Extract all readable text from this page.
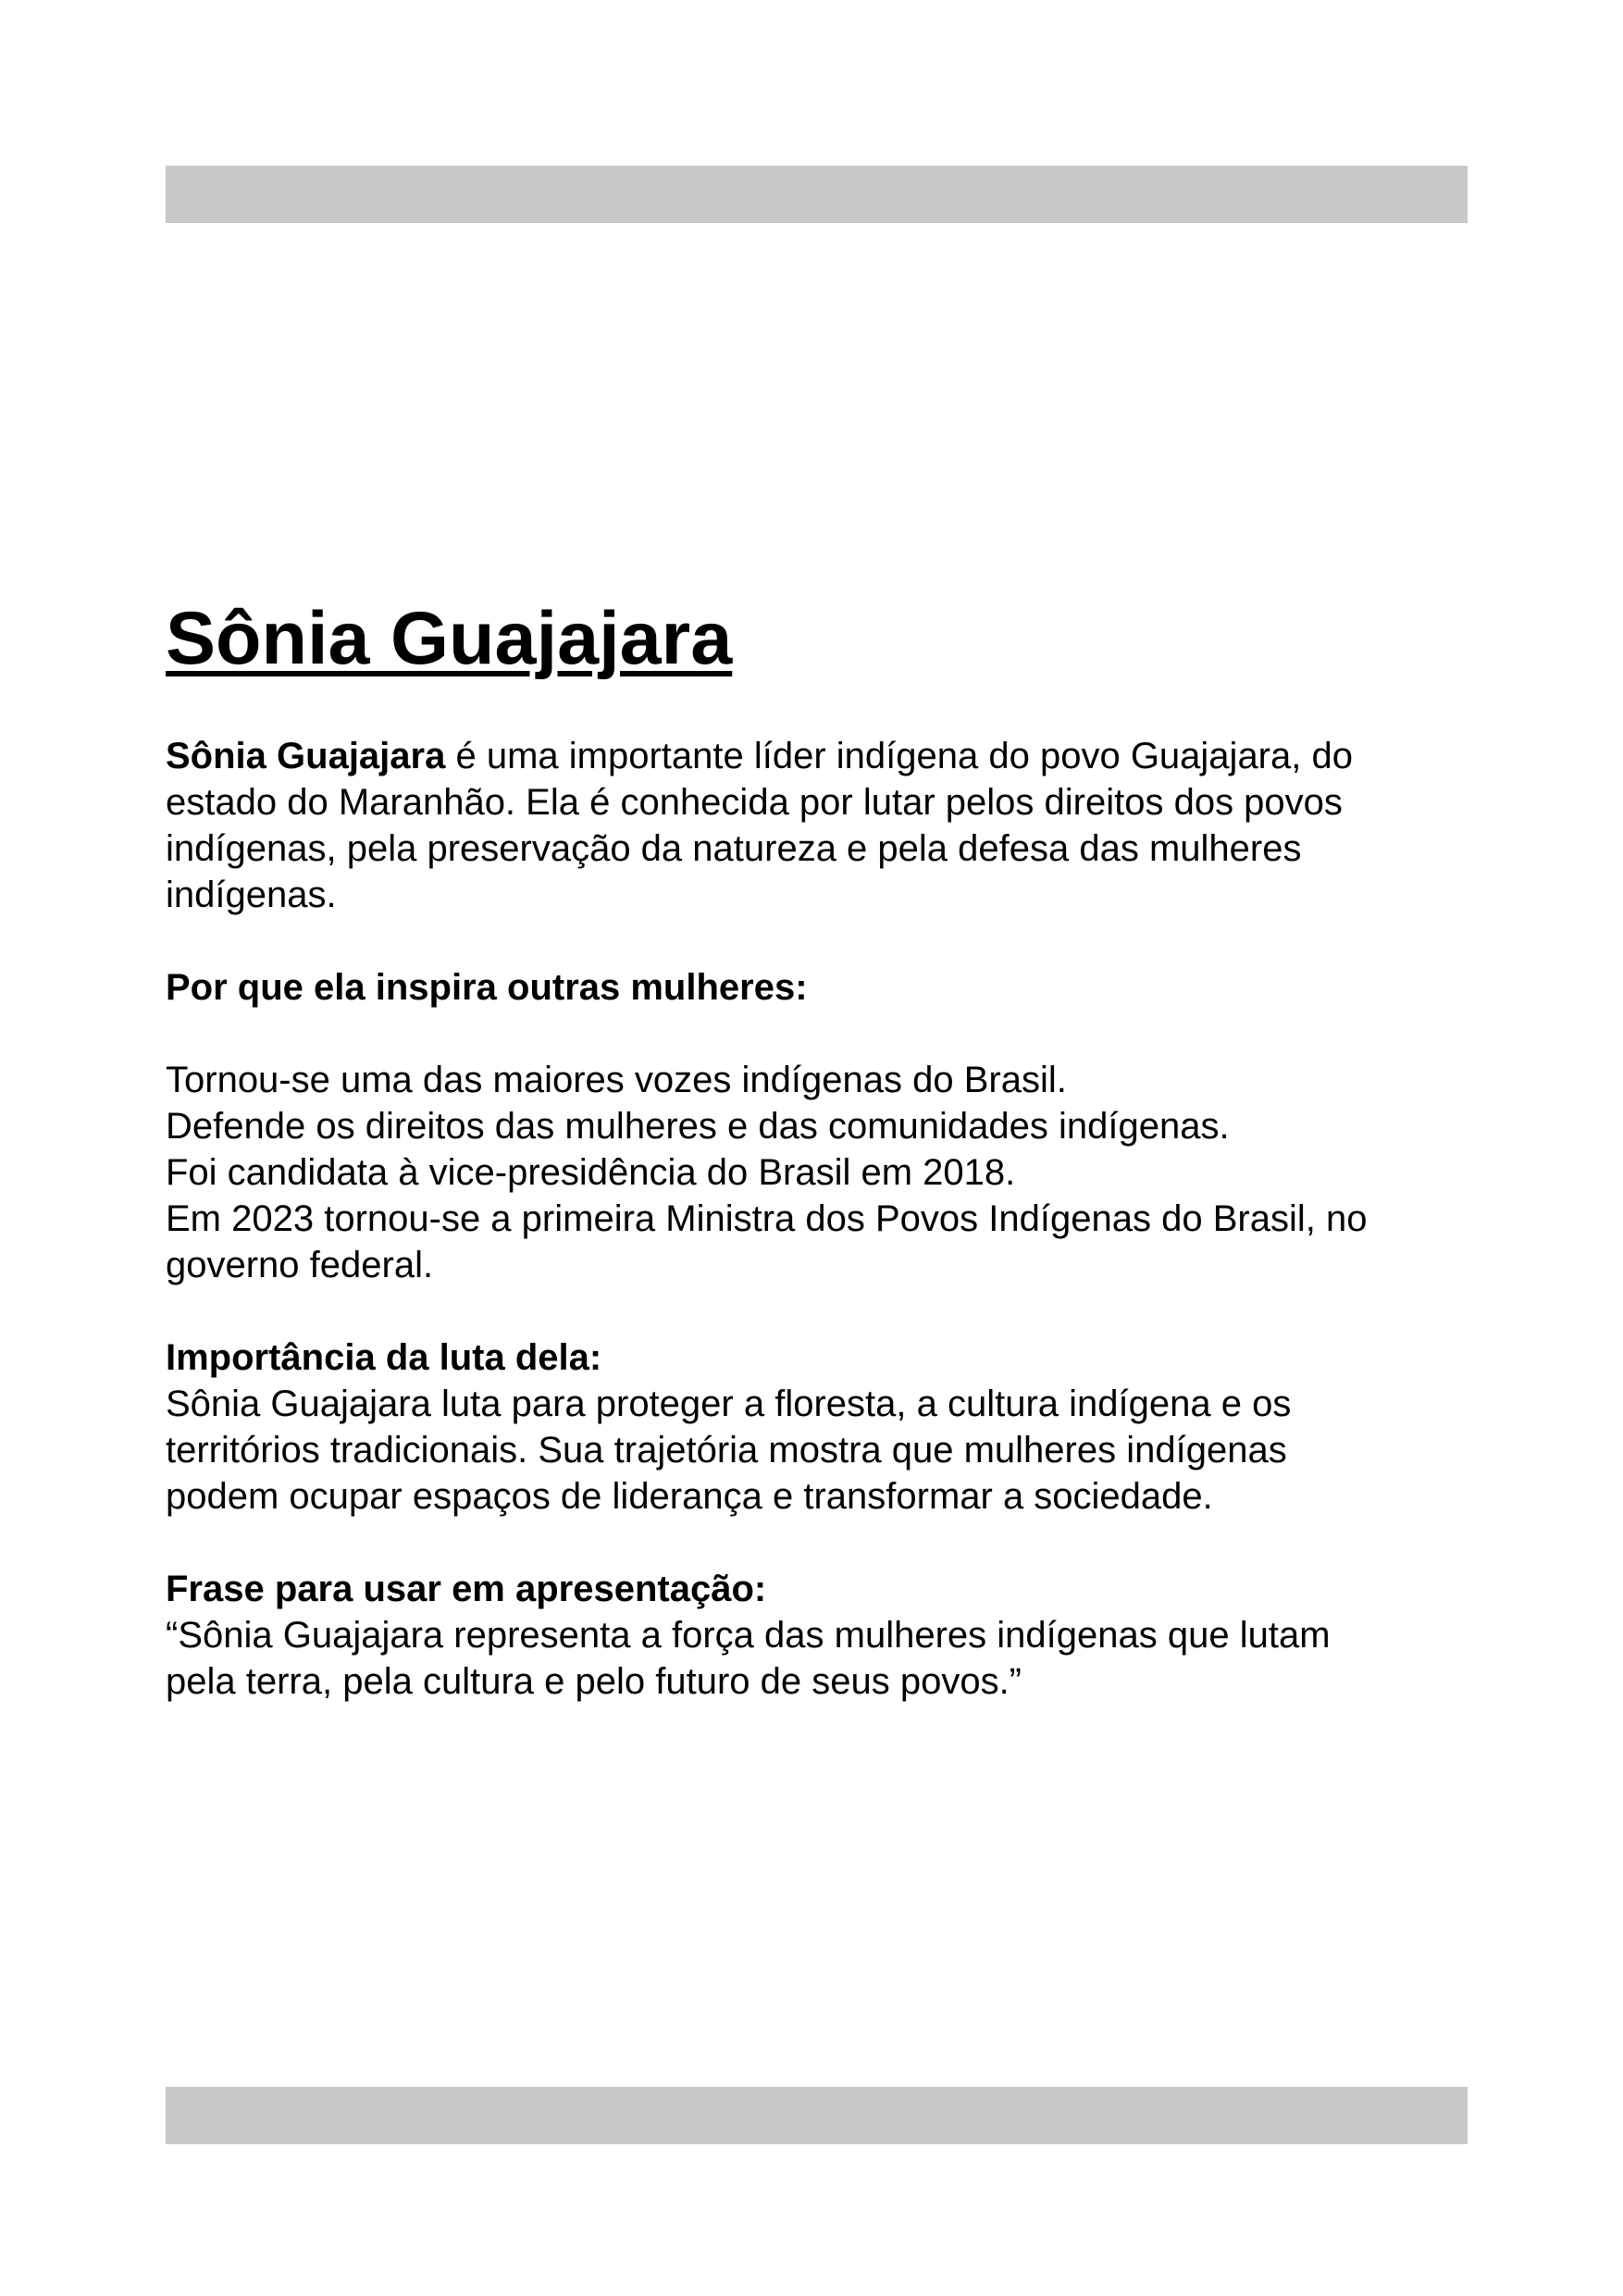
Sônia Guajajara

Sônia Guajajara é uma importante líder indígena do povo Guajajara, do

estado do Maranhão. Ela é conhecida por lutar pelos direitos dos povos

indígenas, pela preservação da natureza e pela defesa das mulheres

indígenas.

Por que ela inspira outras mulheres:

Tornou-se uma das maiores vozes indígenas do Brasil.

Defende os direitos das mulheres e das comunidades indígenas.

Foi candidata à vice-presidência do Brasil em 2018.

Em 2023 tornou-se a primeira Ministra dos Povos Indígenas do Brasil, no

governo federal.

Importância da luta dela:

Sônia Guajajara luta para proteger a floresta, a cultura indígena e os

territórios tradicionais. Sua trajetória mostra que mulheres indígenas

podem ocupar espaços de liderança e transformar a sociedade.

Frase para usar em apresentação:

“Sônia Guajajara representa a força das mulheres indígenas que lutam

pela terra, pela cultura e pelo futuro de seus povos.”
